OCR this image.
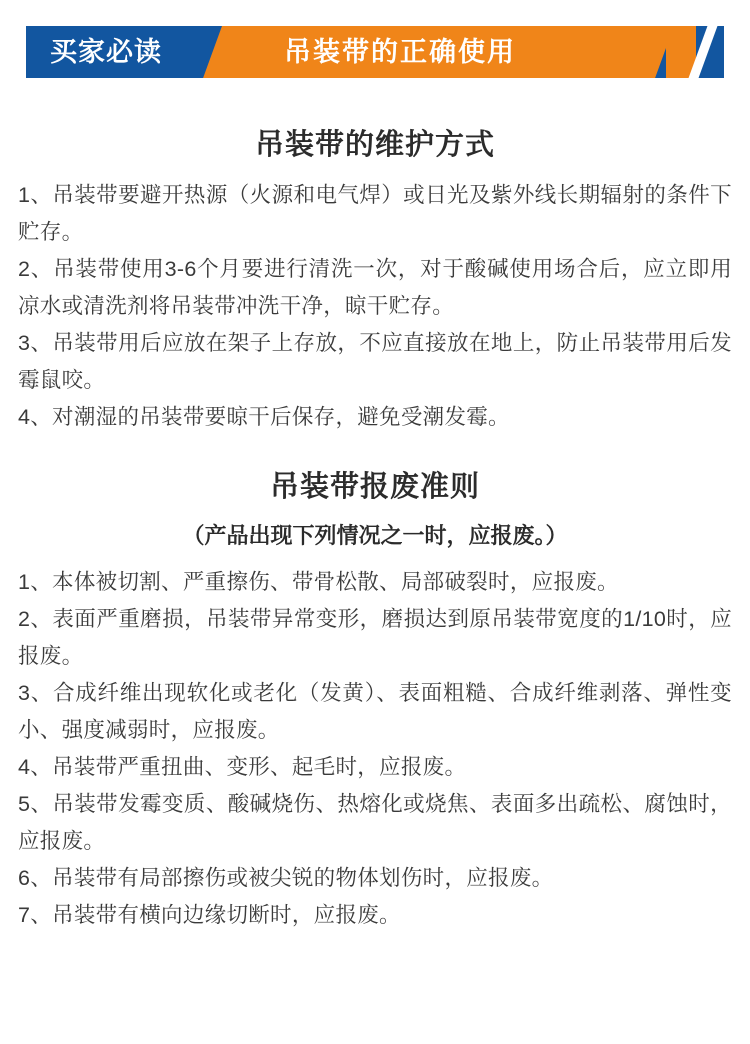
买家必读	吊装带的正确使用
吊装带的维护方式
1、吊装带要避开热源（火源和电气焊）或日光及紫外线长期辐射的条件下贮存。
2、吊装带使用3-6个月要进行清洗一次，对于酸碱使用场合后，应立即用凉水或清洗剂将吊装带冲洗干净，晾干贮存。
3、吊装带用后应放在架子上存放，不应直接放在地上，防止吊装带用后发霉鼠咬。
4、对潮湿的吊装带要晾干后保存，避免受潮发霉。
吊装带报废准则
（产品出现下列情况之一时，应报废。）
1、本体被切割、严重擦伤、带骨松散、局部破裂时，应报废。
2、表面严重磨损，吊装带异常变形，磨损达到原吊装带宽度的1/10时，应报废。
3、合成纤维出现软化或老化（发黄）、表面粗糙、合成纤维剥落、弹性变小、强度减弱时，应报废。
4、吊装带严重扭曲、变形、起毛时，应报废。
5、吊装带发霉变质、酸碱烧伤、热熔化或烧焦、表面多出疏松、腐蚀时，应报废。
6、吊装带有局部擦伤或被尖锐的物体划伤时，应报废。
7、吊装带有横向边缘切断时，应报废。
